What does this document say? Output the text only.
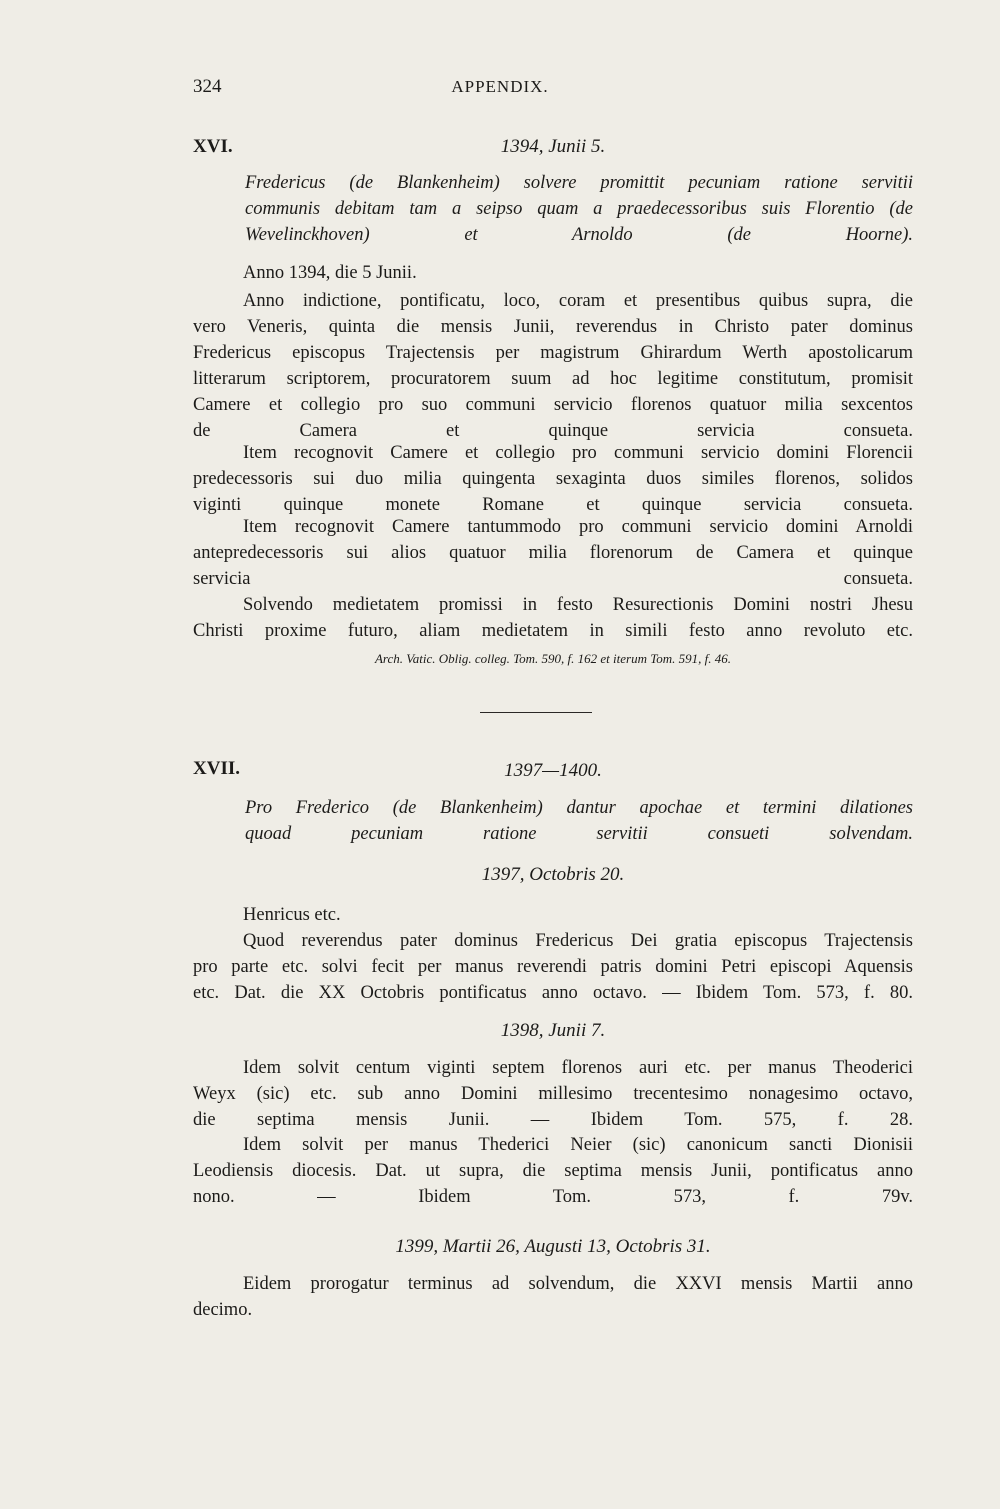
324	APPENDIX.
XVI.	1394, Junii 5.
Fredericus (de Blankenheim) solvere promittit pecuniam ratione servitii
communis debitam tam a seipso quam a praedecessoribus suis Florentio (de
Wevelinckhoven) et Arnoldo (de Hoorne).
Anno 1394, die 5 Junii.
Anno indictione, pontificatu, loco, coram et presentibus quibus supra, die
vero Veneris, quinta die mensis Junii, reverendus in Christo pater dominus
Fredericus episcopus Trajectensis per magistrum Ghirardum Werth apostolicarum
litterarum scriptorem, procuratorem suum ad hoc legitime constitutum, promisit
Camere et collegio pro suo communi servicio florenos quatuor milia sexcentos
de Camera et quinque servicia consueta.
Item recognovit Camere et collegio pro communi servicio domini Florencii
predecessoris sui duo milia quingenta sexaginta duos similes florenos, solidos
viginti quinque monete Romane et quinque servicia consueta.
Item recognovit Camere tantummodo pro communi servicio domini Arnoldi
antepredecessoris sui alios quatuor milia florenorum de Camera et quinque
servicia consueta.
Solvendo medietatem promissi in festo Resurectionis Domini nostri Jhesu
Christi proxime futuro, aliam medietatem in simili festo anno revoluto etc.
Arch. Vatic. Oblig. colleg. Tom. 590, f. 162 et iterum Tom. 591, f. 46.
XVII.	1397—1400.
Pro Frederico (de Blankenheim) dantur apochae et termini dilationes
quoad pecuniam ratione servitii consueti solvendam.
1397, Octobris 20.
Henricus etc.
Quod reverendus pater dominus Fredericus Dei gratia episcopus Trajectensis
pro parte etc. solvi fecit per manus reverendi patris domini Petri episcopi Aquensis
etc. Dat. die XX Octobris pontificatus anno octavo. — Ibidem Tom. 573, f. 80.
1398, Junii 7.
Idem solvit centum viginti septem florenos auri etc. per manus Theoderici
Weyx (sic) etc. sub anno Domini millesimo trecentesimo nonagesimo octavo,
die septima mensis Junii. — Ibidem Tom. 575, f. 28.
Idem solvit per manus Thederici Neier (sic) canonicum sancti Dionisii
Leodiensis diocesis. Dat. ut supra, die septima mensis Junii, pontificatus anno
nono. — Ibidem Tom. 573, f. 79v.
1399, Martii 26, Augusti 13, Octobris 31.
Eidem prorogatur terminus ad solvendum, die XXVI mensis Martii anno
decimo.
